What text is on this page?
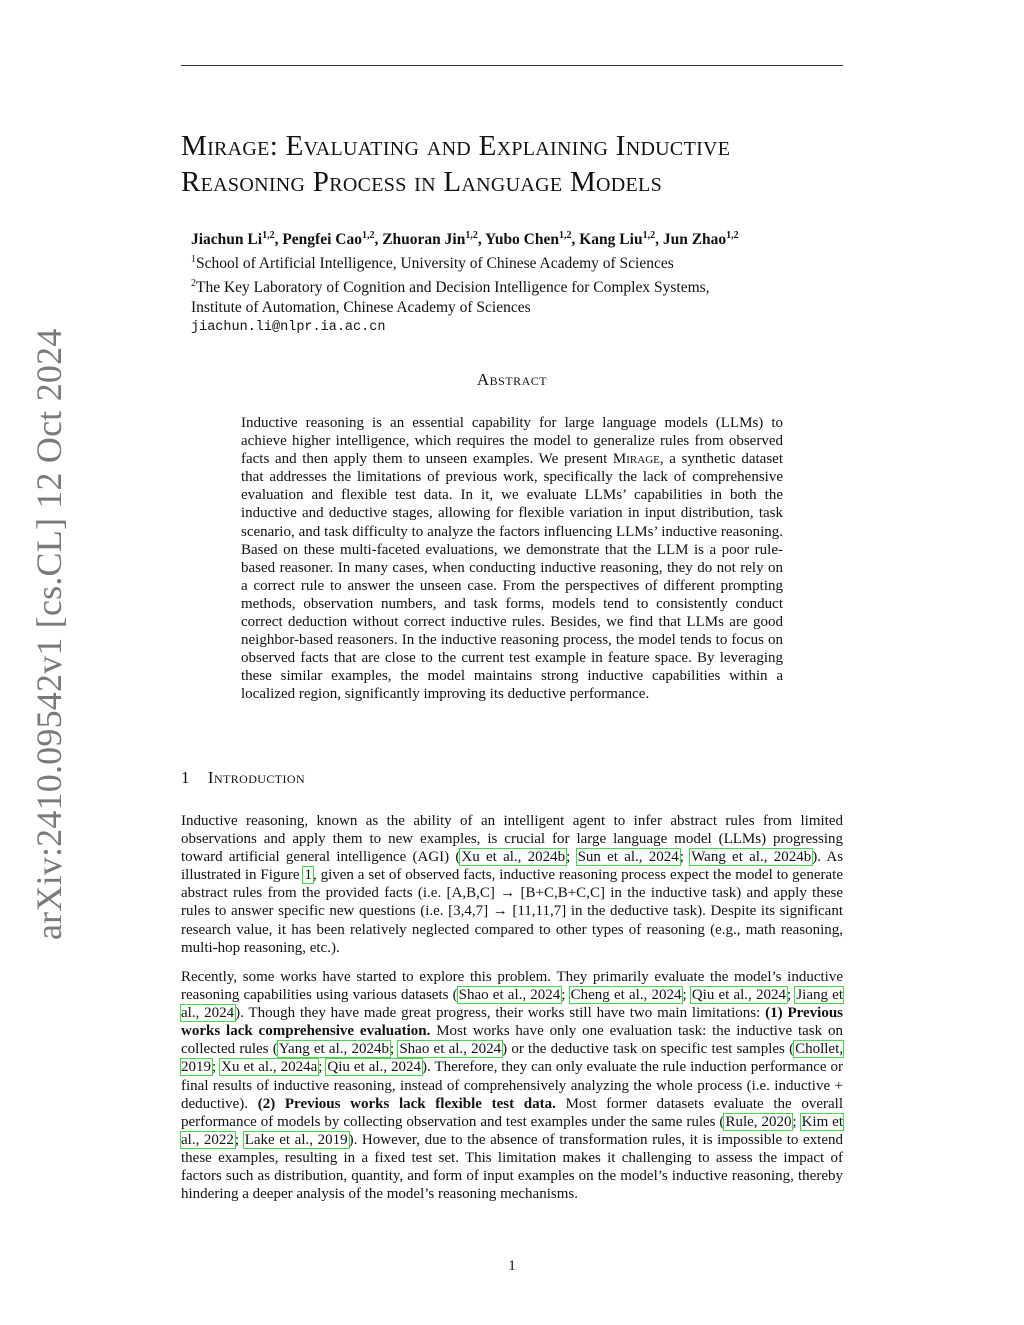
arXiv:2410.09542v1 [cs.CL] 12 Oct 2024
Mirage: Evaluating and Explaining Inductive
Reasoning Process in Language Models
Jiachun Li$^{1,2}$, Pengfei Cao$^{1,2}$, Zhuoran Jin$^{1,2}$, Yubo Chen$^{1,2}$, Kang Liu$^{1,2}$, Jun Zhao$^{1,2}$
$^1$School of Artificial Intelligence, University of Chinese Academy of Sciences
$^2$The Key Laboratory of Cognition and Decision Intelligence for Complex Systems,
Institute of Automation, Chinese Academy of Sciences
jiachun.li@nlpr.ia.ac.cn
Abstract

Inductive reasoning is an essential capability for large language models (LLMs) to achieve higher intelligence, which requires the model to generalize rules from observed facts and then apply them to unseen examples. We present Mirage, a synthetic dataset that addresses the limitations of previous work, specifically the lack of comprehensive evaluation and flexible test data. In it, we evaluate LLMs’ capabilities in both the inductive and deductive stages, allowing for flexible variation in input distribution, task scenario, and task difficulty to analyze the factors influencing LLMs’ inductive reasoning. Based on these multi-faceted evaluations, we demonstrate that the LLM is a poor rule-based reasoner. In many cases, when conducting inductive reasoning, they do not rely on a correct rule to answer the unseen case. From the perspectives of different prompting methods, observation numbers, and task forms, models tend to consistently conduct correct deduction without correct inductive rules. Besides, we find that LLMs are good neighbor-based reasoners. In the inductive reasoning process, the model tends to focus on observed facts that are close to the current test example in feature space. By leveraging these similar examples, the model maintains strong inductive capabilities within a localized region, significantly improving its deductive performance.

1 Introduction

Inductive reasoning, known as the ability of an intelligent agent to infer abstract rules from limited observations and apply them to new examples, is crucial for large language model (LLMs) progressing toward artificial general intelligence (AGI) (Xu et al., 2024b; Sun et al., 2024; Wang et al., 2024b). As illustrated in Figure 1, given a set of observed facts, inductive reasoning process expect the model to generate abstract rules from the provided facts (i.e. [A,B,C] → [B+C,B+C,C] in the inductive task) and apply these rules to answer specific new questions (i.e. [3,4,7] → [11,11,7] in the deductive task). Despite its significant research value, it has been relatively neglected compared to other types of reasoning (e.g., math reasoning, multi-hop reasoning, etc.).

Recently, some works have started to explore this problem. They primarily evaluate the model’s inductive reasoning capabilities using various datasets (Shao et al., 2024; Cheng et al., 2024; Qiu et al., 2024; Jiang et al., 2024). Though they have made great progress, their works still have two main limitations: (1) Previous works lack comprehensive evaluation. Most works have only one evaluation task: the inductive task on collected rules (Yang et al., 2024b; Shao et al., 2024) or the deductive task on specific test samples (Chollet, 2019; Xu et al., 2024a; Qiu et al., 2024). Therefore, they can only evaluate the rule induction performance or final results of inductive reasoning, instead of comprehensively analyzing the whole process (i.e. inductive + deductive). (2) Previous works lack flexible test data. Most former datasets evaluate the overall performance of models by collecting observation and test examples under the same rules (Rule, 2020; Kim et al., 2022; Lake et al., 2019). However, due to the absence of transformation rules, it is impossible to extend these examples, resulting in a fixed test set. This limitation makes it challenging to assess the impact of factors such as distribution, quantity, and form of input examples on the model’s inductive reasoning, thereby hindering a deeper analysis of the model’s reasoning mechanisms.

1
